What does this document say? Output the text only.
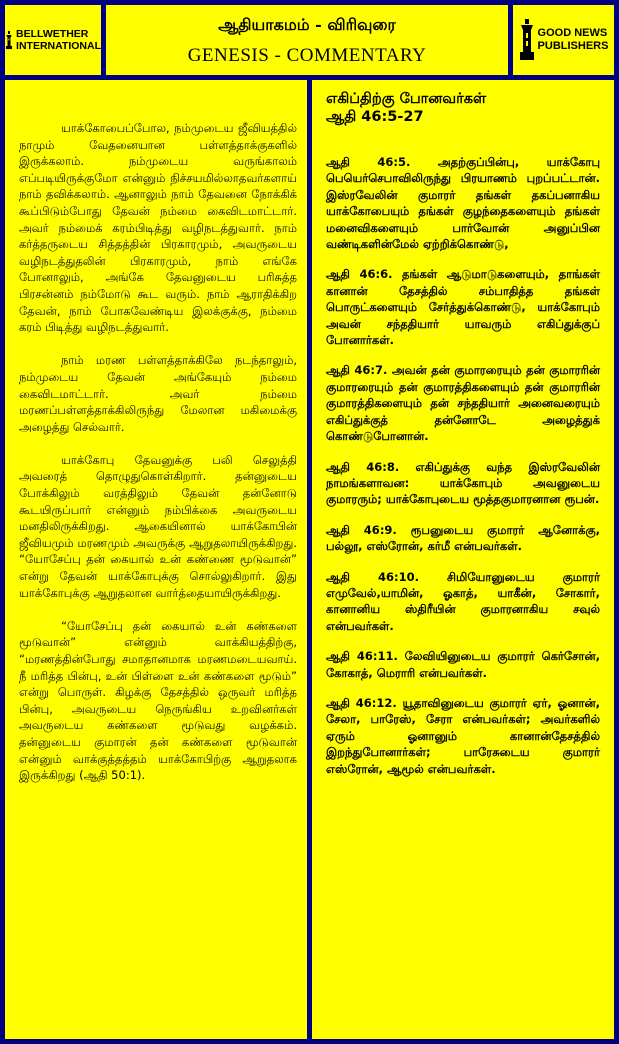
BELLWETHER
INTERNATIONAL
ஆதியாகமம் - விரிவுரை
GENESIS - COMMENTARY
GOOD NEWS
PUBLISHERS

யாக்கோபைப்போல, நம்முடைய ஜீவியத்தில் நாமும் வேதனையான பள்ளத்தாக்குகளில் இருக்கலாம். நம்முடைய வருங்காலம் எப்படியிருக்குமோ என்னும் நிச்சயமில்லாதவர்களாய் நாம் தவிக்கலாம். ஆனாலும் நாம் தேவனை நோக்கிக் கூப்பிடும்போது தேவன் நம்மை கைவிடமாட்டார். அவர் நம்மைக் கரம்பிடித்து வழிநடத்துவார். நாம் கர்த்தருடைய சித்தத்தின் பிரகாரமும், அவருடைய வழிநடத்துதலின் பிரகாரமும், நாம் எங்கே போனாலும், அங்கே தேவனுடைய பரிசுத்த பிரசன்னம் நம்மோடு கூட வரும். நாம் ஆராதிக்கிற தேவன், நாம் போகவேண்டிய இலக்குக்கு, நம்மை கரம் பிடித்து வழிநடத்துவார்.

நாம் மரண பள்ளத்தாக்கிலே நடந்தாலும், நம்முடைய தேவன் அங்கேயும் நம்மை கைவிடமாட்டார். அவர் நம்மை மரணப்பள்ளத்தாக்கிலிருந்து மேலான மகிமைக்கு அழைத்து செல்வார்.

யாக்கோபு தேவனுக்கு பலி செலுத்தி அவரைத் தொழுதுகொள்கிறார். தன்னுடைய போக்கிலும் வரத்திலும் தேவன் தன்னோடு கூடயிருப்பார் என்னும் நம்பிக்கை அவருடைய மனதிலிருக்கிறது. ஆகையினால் யாக்கோபின் ஜீவியமும் மரணமும் அவருக்கு ஆறுதலாயிருக்கிறது. “யோசேப்பு தன் கையால் உன் கண்ணை மூடுவான்” என்று தேவன் யாக்கோபுக்கு சொல்லுகிறார். இது யாக்கோபுக்கு ஆறுதலான வார்த்தையாயிருக்கிறது.

“யோசேப்பு தன் கையால் உன் கண்களை மூடுவான்” என்னும் வாக்கியத்திற்கு, “மரணத்தின்போது சமாதானமாக மரணமடையவாய். நீ மரித்த பின்பு, உன் பிள்ளை உன் கண்களை மூடும்” என்று பொருள். கிழக்கு தேசத்தில் ஒருவர் மரித்த பின்பு, அவருடைய நெருங்கிய உறவினர்கள் அவருடைய கண்களை மூடுவது வழக்கம். தன்னுடைய குமாரன் தன் கண்களை மூடுவான் என்னும் வாக்குத்தத்தம் யாக்கோபிற்கு ஆறுதலாக இருக்கிறது (ஆதி 50:1).

எகிப்திற்கு போனவர்கள்
ஆதி 46:5-27
ஆதி 46:5. அதற்குப்பின்பு, யாக்கோபு பெயெர்செபாவிலிருந்து பிரயாணம் புறப்பட்டான். இஸ்ரவேலின் குமாரர் தங்கள் தகப்பனாகிய யாக்கோபையும் தங்கள் குழந்தைகளையும் தங்கள் மனைவிகளையும் பார்வோன் அனுப்பின வண்டிகளின்மேல் ஏற்றிக்கொண்டு,
ஆதி 46:6. தங்கள் ஆடுமாடுகளையும், தாங்கள் கானான் தேசத்தில் சம்பாதித்த தங்கள் பொருட்களையும் சேர்த்துக்கொண்டு, யாக்கோபும் அவன் சந்ததியார் யாவரும் எகிப்துக்குப் போனார்கள்.
ஆதி 46:7. அவன் தன் குமாரரையும் தன் குமாரரின் குமாரரையும் தன் குமாரத்திகளையும் தன் குமாரரின் குமாரத்திகளையும் தன் சந்ததியார் அனைவரையும் எகிப்துக்குத் தன்னோடே அழைத்துக் கொண்டுபோனான்.
ஆதி 46:8. எகிப்துக்கு வந்த இஸ்ரவேலின் நாமங்களாவன: யாக்கோபும் அவனுடைய குமாரரும்; யாக்கோபுடைய மூத்தகுமாரனான ரூபன்.
ஆதி 46:9. ரூபனுடைய குமாரர் ஆனோக்கு, பல்லூ, எஸ்ரோன், கர்மீ என்பவர்கள்.
ஆதி 46:10. சிமியோனுடைய குமாரர் எமுவேல்,யாமின், ஓகாத், யாகீன், சோகார், கானானிய ஸ்திரீயின் குமாரனாகிய சவுல் என்பவர்கள்.
ஆதி 46:11. லேவியினுடைய குமாரர் கெர்சோன், கோகாத், மெராரி என்பவர்கள்.
ஆதி 46:12. யூதாவினுடைய குமாரர் ஏர், ஓனான், சேலா, பாரேஸ், சேரா என்பவர்கள்; அவர்களில் ஏரும் ஓனானும் கானான்தேசத்தில் இறந்துபோனார்கள்; பாரேசுடைய குமாரர் எஸ்ரோன், ஆமூல் என்பவர்கள்.
